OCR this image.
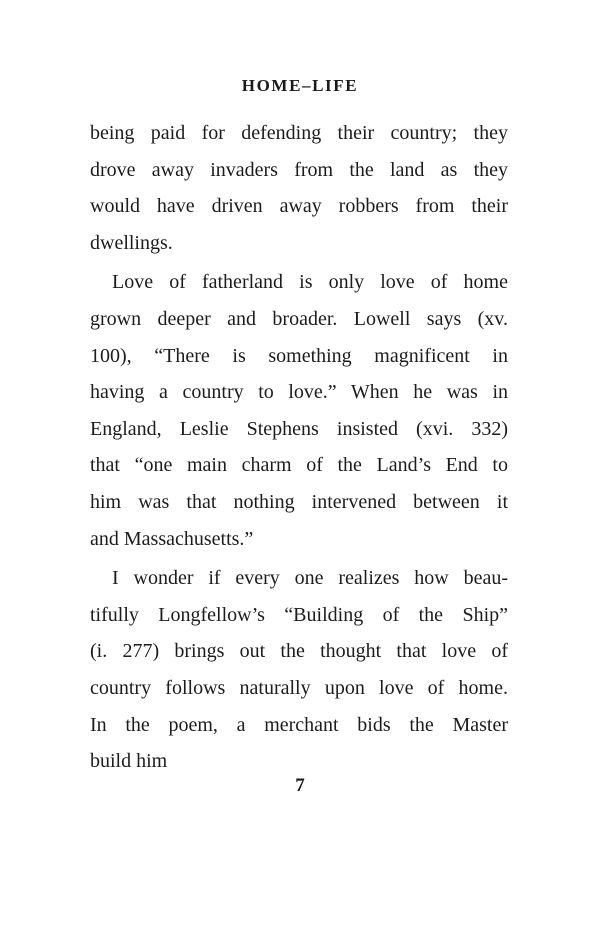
HOME–LIFE
being paid for defending their country; they
drove away invaders from the land as they
would have driven away robbers from their
dwellings.
Love of fatherland is only love of home
grown deeper and broader. Lowell says (xv.
100), “There is something magnificent in
having a country to love.” When he was in
England, Leslie Stephens insisted (xvi. 332)
that “one main charm of the Land’s End to
him was that nothing intervened between it
and Massachusetts.”
I wonder if every one realizes how beau-
tifully Longfellow’s “Building of the Ship”
(i. 277) brings out the thought that love of
country follows naturally upon love of home.
In the poem, a merchant bids the Master
build him
7
